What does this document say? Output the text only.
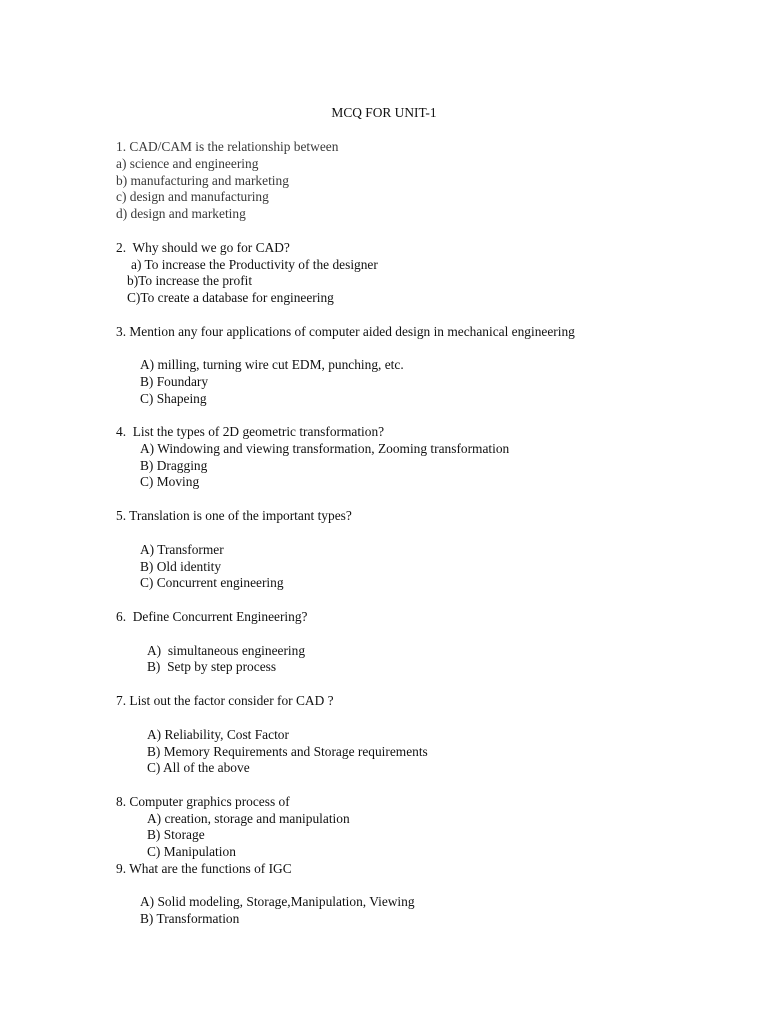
MCQ FOR UNIT-1
1. CAD/CAM is the relationship between
a) science and engineering
b) manufacturing and marketing
c) design and manufacturing
d) design and marketing
2.  Why should we go for CAD?
a) To increase the Productivity of the designer
b)To increase the profit
C)To create a database for engineering
3. Mention any four applications of computer aided design in mechanical engineering
A) milling, turning wire cut EDM, punching, etc.
B) Foundary
C) Shapeing
4.  List the types of 2D geometric transformation?
A) Windowing and viewing transformation, Zooming transformation
B) Dragging
C) Moving
5. Translation is one of the important types?
A) Transformer
B) Old identity
C) Concurrent engineering
6.  Define Concurrent Engineering?
A)  simultaneous engineering
B)  Setp by step process
7. List out the factor consider for CAD ?
A) Reliability, Cost Factor
B) Memory Requirements and Storage requirements
C) All of the above
8. Computer graphics process of
A) creation, storage and manipulation
B) Storage
C) Manipulation
9. What are the functions of IGC
A) Solid modeling, Storage,Manipulation, Viewing
B) Transformation
